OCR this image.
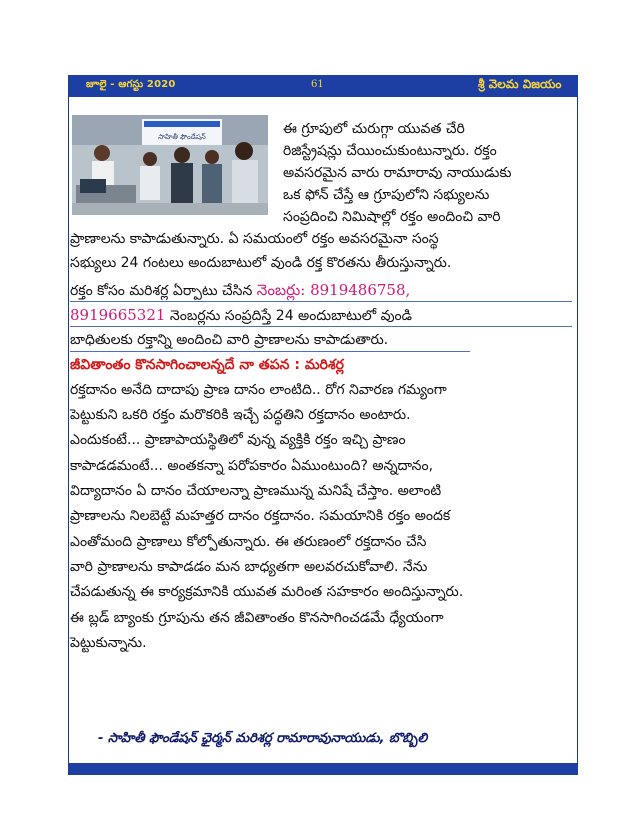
జూలై - ఆగస్టు 2020	61	శ్రీ వెలమ విజయం
సాహితీ ఫౌండేషన్	ఈ గ్రూపులో చురుగ్గా యువత చేరి
రిజిస్ట్రేషన్లు చేయించుకుంటున్నారు. రక్తం
అవసరమైన వారు రామారావు నాయుడుకు
ఒక ఫోన్ చేస్తే ఆ గ్రూపులోని సభ్యులను
సంప్రదించి నిమిషాల్లో రక్తం అందించి వారి
ప్రాణాలను కాపాడుతున్నారు. ఏ సమయంలో రక్తం అవసరమైనా సంస్థ
సభ్యులు 24 గంటలు అందుబాటులో వుండి రక్త కొరతను తీరుస్తున్నారు.
రక్తం కోసం మరిశర్ల ఏర్పాటు చేసిన నెంబర్లు: 8919486758,
8919665321 నెంబర్లను సంప్రదిస్తే 24 అందుబాటులో వుండి
బాధితులకు రక్తాన్ని అందించి వారి ప్రాణాలను కాపాడుతారు.
జీవితాంతం కొనసాగించాలన్నదే నా తపన : మరిశర్ల
రక్తదానం అనేది దాదాపు ప్రాణ దానం లాంటిది.. రోగ నివారణ గమ్యంగా
పెట్టుకుని ఒకరి రక్తం మరొకరికి ఇచ్చే పద్ధతిని రక్తదానం అంటారు.
ఎందుకంటే... ప్రాణాపాయస్థితిలో వున్న వ్యక్తికి రక్తం ఇచ్చి ప్రాణం
కాపాడడమంటే... అంతకన్నా పరోపకారం ఏముంటుంది? అన్నదానం,
విద్యాదానం ఏ దానం చేయాలన్నా ప్రాణమున్న మనిషే చేస్తాం. అలాంటి
ప్రాణాలను నిలబెట్టే మహత్తర దానం రక్తదానం. సమయానికి రక్తం అందక
ఎంతోమంది ప్రాణాలు కోల్పోతున్నారు. ఈ తరుణంలో రక్తదానం చేసి
వారి ప్రాణాలను కాపాడడం మన బాధ్యతగా అలవరచుకోవాలి. నేను
చేపడుతున్న ఈ కార్యక్రమానికి యువత మరింత సహకారం అందిస్తున్నారు.
ఈ బ్లడ్ బ్యాంకు గ్రూపును తన జీవితాంతం కొనసాగించడమే ధ్యేయంగా
పెట్టుకున్నాను.
- సాహితీ ఫౌండేషన్ ఛైర్మన్ మరిశర్ల రామారావునాయుడు, బొబ్బిలి
